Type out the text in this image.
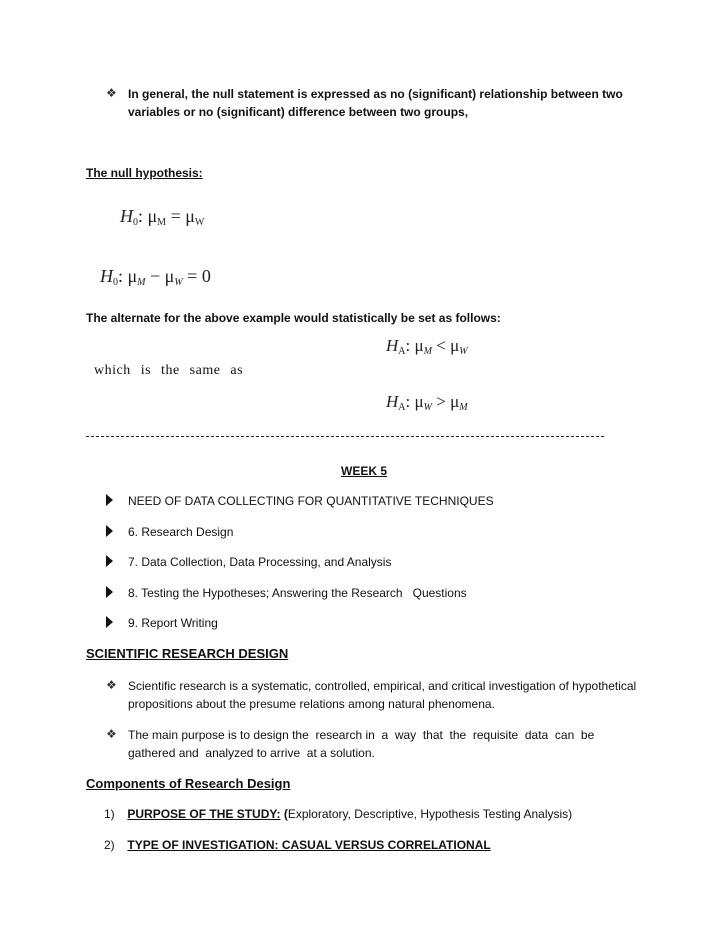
❖ In general, the null statement is expressed as no (significant) relationship between two
variables or no (significant) difference between two groups,
The null hypothesis:
$H_0$: $\mu_M = \mu_W$
$H_0$: $\mu_M - \mu_W = 0$
The alternate for the above example would statistically be set as follows:
$H_A$: $\mu_M < \mu_W$
which is the same as
$H_A$: $\mu_W > \mu_M$
WEEK 5
NEED OF DATA COLLECTING FOR QUANTITATIVE TECHNIQUES
6. Research Design
7. Data Collection, Data Processing, and Analysis
8. Testing the Hypotheses; Answering the Research   Questions
9. Report Writing
SCIENTIFIC RESEARCH DESIGN
❖ Scientific research is a systematic, controlled, empirical, and critical investigation of hypothetical
propositions about the presume relations among natural phenomena.
❖ The main purpose is to design the  research in  a  way  that  the  requisite  data  can  be
gathered and  analyzed to arrive  at a solution.
Components of Research Design
1) PURPOSE OF THE STUDY: (Exploratory, Descriptive, Hypothesis Testing Analysis)
2) TYPE OF INVESTIGATION: CASUAL VERSUS CORRELATIONAL
